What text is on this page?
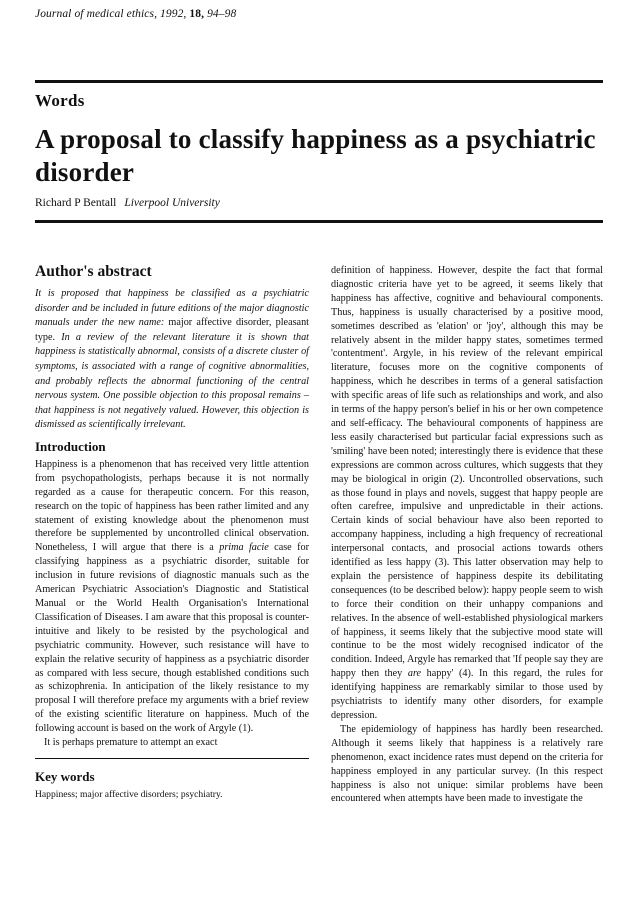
Journal of medical ethics, 1992, 18, 94–98
Words
A proposal to classify happiness as a psychiatric disorder
Richard P Bentall Liverpool University
Author's abstract

It is proposed that happiness be classified as a psychiatric disorder and be included in future editions of the major diagnostic manuals under the new name: major affective disorder, pleasant type. In a review of the relevant literature it is shown that happiness is statistically abnormal, consists of a discrete cluster of symptoms, is associated with a range of cognitive abnormalities, and probably reflects the abnormal functioning of the central nervous system. One possible objection to this proposal remains – that happiness is not negatively valued. However, this objection is dismissed as scientifically irrelevant.

Introduction

Happiness is a phenomenon that has received very little attention from psychopathologists, perhaps because it is not normally regarded as a cause for therapeutic concern. For this reason, research on the topic of happiness has been rather limited and any statement of existing knowledge about the phenomenon must therefore be supplemented by uncontrolled clinical observation. Nonetheless, I will argue that there is a prima facie case for classifying happiness as a psychiatric disorder, suitable for inclusion in future revisions of diagnostic manuals such as the American Psychiatric Association's Diagnostic and Statistical Manual or the World Health Organisation's International Classification of Diseases. I am aware that this proposal is counter-intuitive and likely to be resisted by the psychological and psychiatric community. However, such resistance will have to explain the relative security of happiness as a psychiatric disorder as compared with less secure, though established conditions such as schizophrenia. In anticipation of the likely resistance to my proposal I will therefore preface my arguments with a brief review of the existing scientific literature on happiness. Much of the following account is based on the work of Argyle (1).

It is perhaps premature to attempt an exact

Key words

Happiness; major affective disorders; psychiatry.

definition of happiness. However, despite the fact that formal diagnostic criteria have yet to be agreed, it seems likely that happiness has affective, cognitive and behavioural components. Thus, happiness is usually characterised by a positive mood, sometimes described as 'elation' or 'joy', although this may be relatively absent in the milder happy states, sometimes termed 'contentment'. Argyle, in his review of the relevant empirical literature, focuses more on the cognitive components of happiness, which he describes in terms of a general satisfaction with specific areas of life such as relationships and work, and also in terms of the happy person's belief in his or her own competence and self-efficacy. The behavioural components of happiness are less easily characterised but particular facial expressions such as 'smiling' have been noted; interestingly there is evidence that these expressions are common across cultures, which suggests that they may be biological in origin (2). Uncontrolled observations, such as those found in plays and novels, suggest that happy people are often carefree, impulsive and unpredictable in their actions. Certain kinds of social behaviour have also been reported to accompany happiness, including a high frequency of recreational interpersonal contacts, and prosocial actions towards others identified as less happy (3). This latter observation may help to explain the persistence of happiness despite its debilitating consequences (to be described below): happy people seem to wish to force their condition on their unhappy companions and relatives. In the absence of well-established physiological markers of happiness, it seems likely that the subjective mood state will continue to be the most widely recognised indicator of the condition. Indeed, Argyle has remarked that 'If people say they are happy then they are happy' (4). In this regard, the rules for identifying happiness are remarkably similar to those used by psychiatrists to identify many other disorders, for example depression.

The epidemiology of happiness has hardly been researched. Although it seems likely that happiness is a relatively rare phenomenon, exact incidence rates must depend on the criteria for happiness employed in any particular survey. (In this respect happiness is also not unique: similar problems have been encountered when attempts have been made to investigate the
